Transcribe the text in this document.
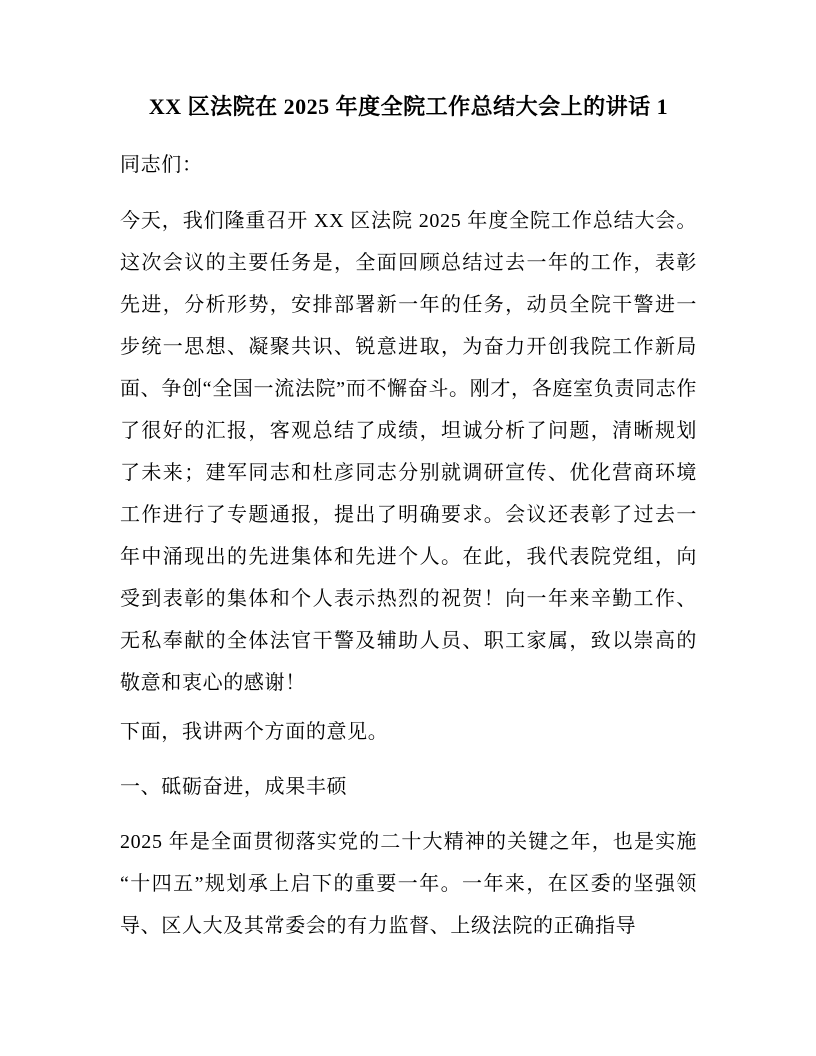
XX 区法院在 2025 年度全院工作总结大会上的讲话 1

同志们：

今天，我们隆重召开 XX 区法院 2025 年度全院工作总结大会。这次会议的主要任务是，全面回顾总结过去一年的工作，表彰先进，分析形势，安排部署新一年的任务，动员全院干警进一步统一思想、凝聚共识、锐意进取，为奋力开创我院工作新局面、争创“全国一流法院”而不懈奋斗。刚才，各庭室负责同志作了很好的汇报，客观总结了成绩，坦诚分析了问题，清晰规划了未来；建军同志和杜彦同志分别就调研宣传、优化营商环境工作进行了专题通报，提出了明确要求。会议还表彰了过去一年中涌现出的先进集体和先进个人。在此，我代表院党组，向受到表彰的集体和个人表示热烈的祝贺！向一年来辛勤工作、无私奉献的全体法官干警及辅助人员、职工家属，致以崇高的敬意和衷心的感谢！

下面，我讲两个方面的意见。

一、砥砺奋进，成果丰硕

2025 年是全面贯彻落实党的二十大精神的关键之年，也是实施“十四五”规划承上启下的重要一年。一年来，在区委的坚强领导、区人大及其常委会的有力监督、上级法院的正确指导
